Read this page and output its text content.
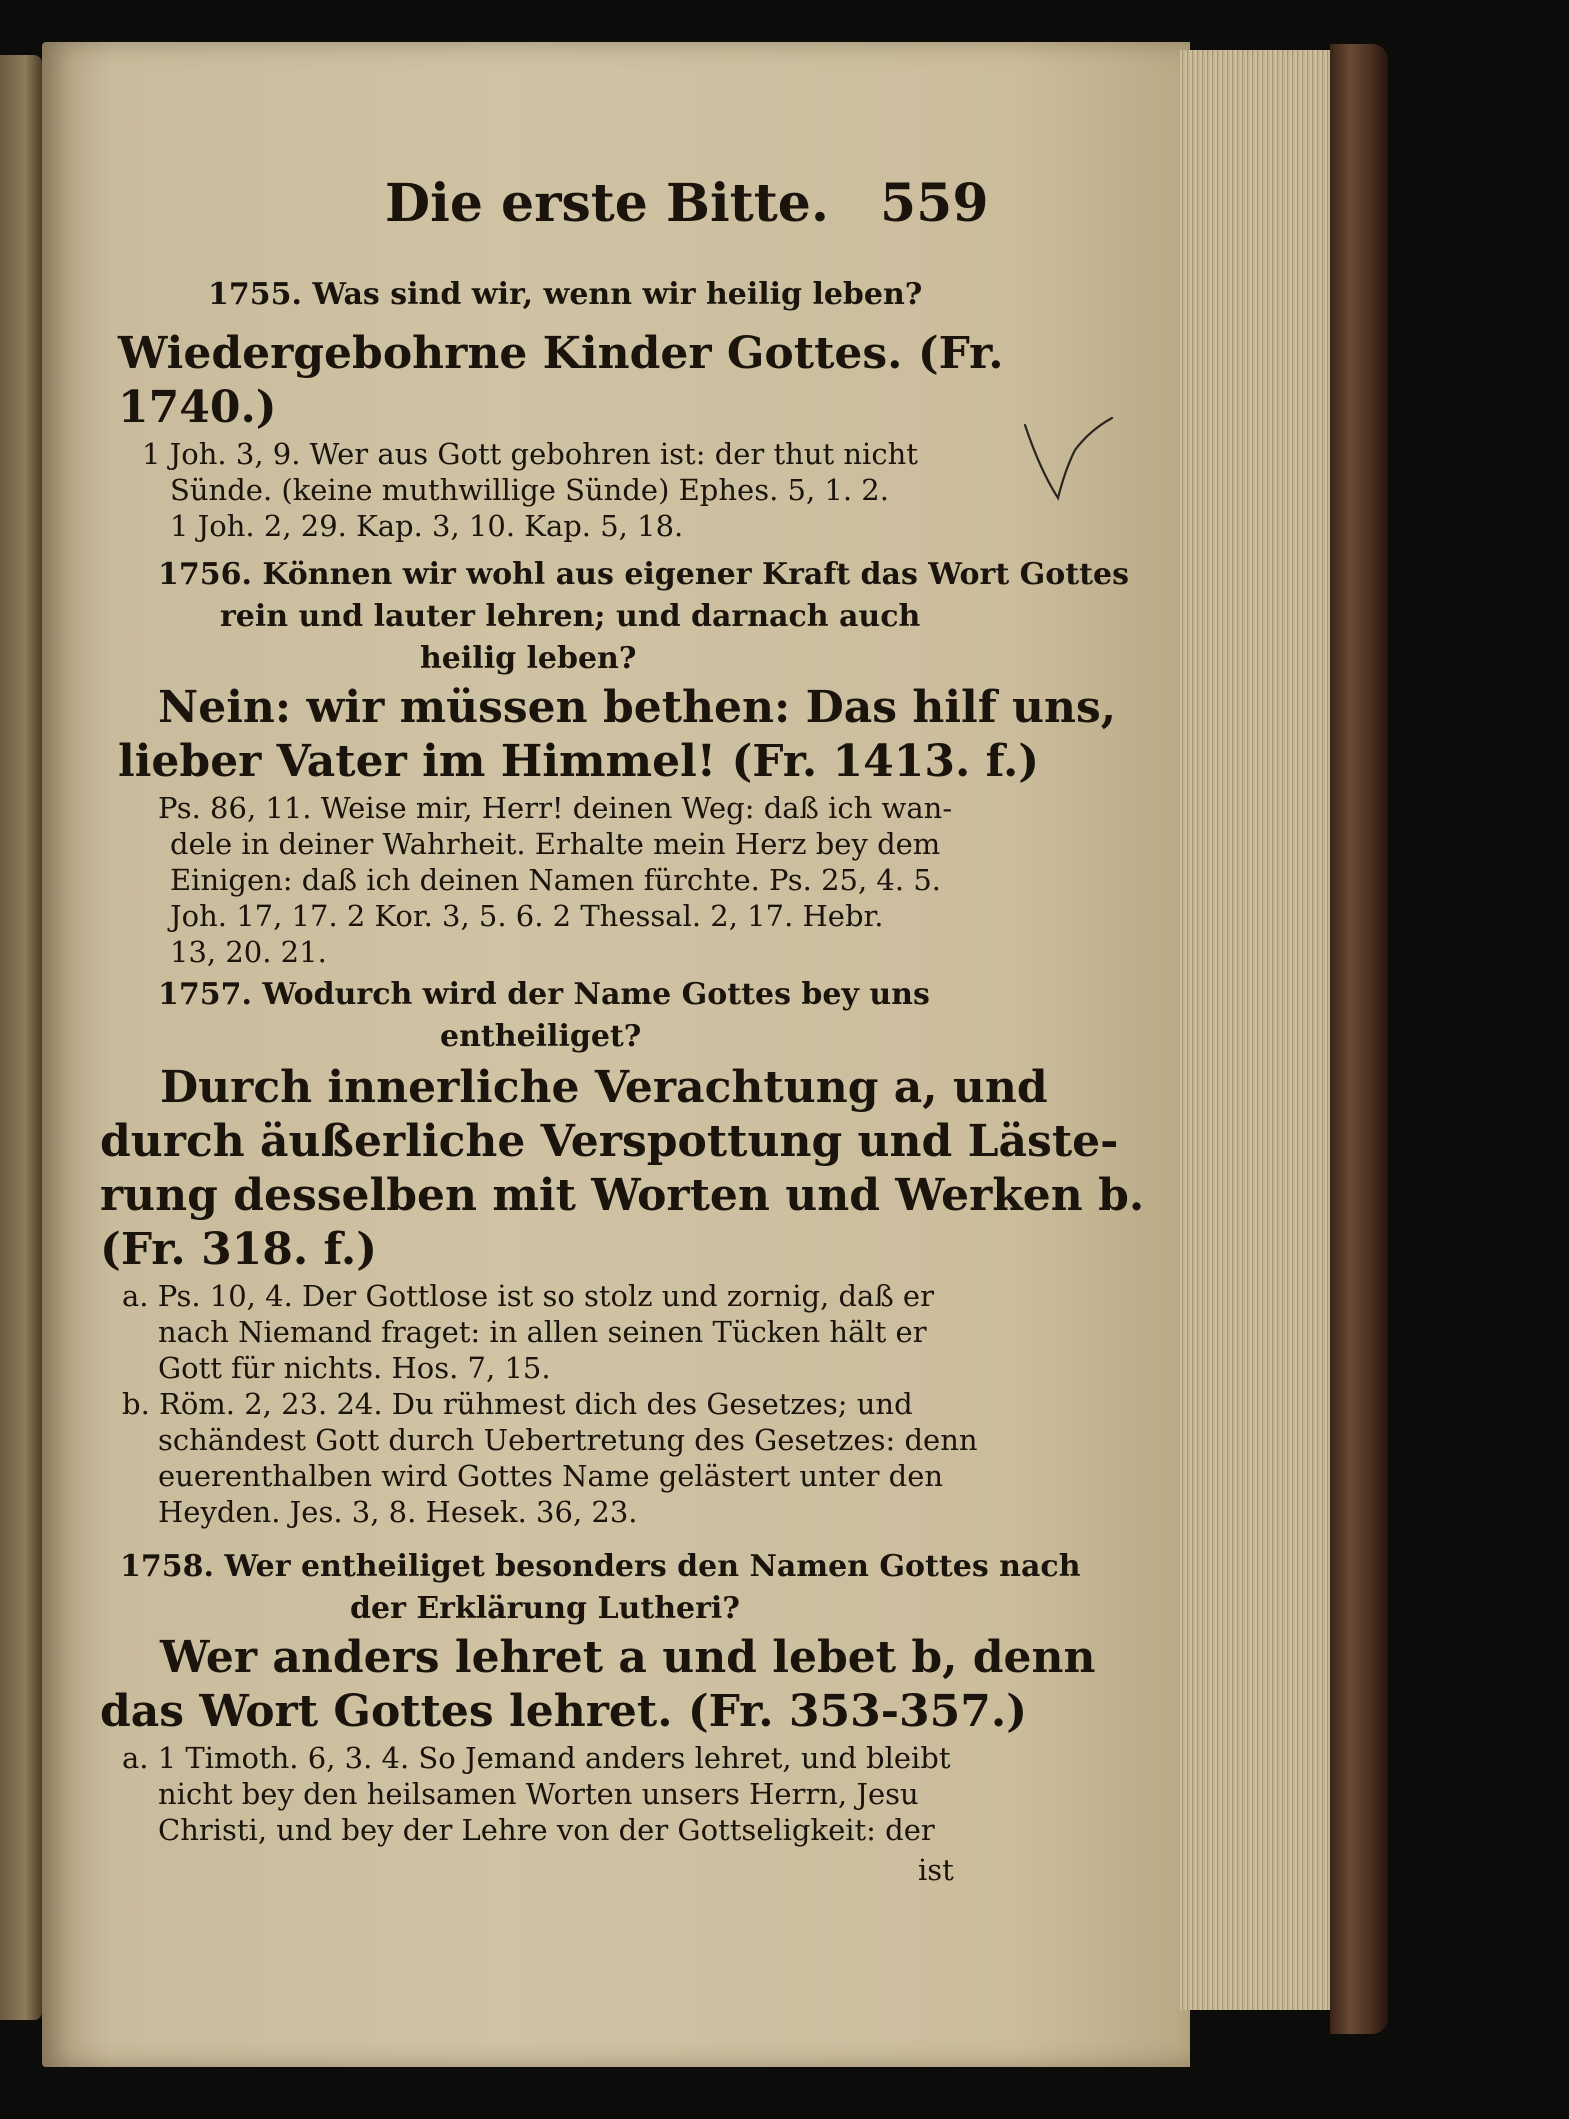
Die erste Bitte. 559
1755. Was sind wir, wenn wir heilig leben?
Wiedergebohrne Kinder Gottes. (Fr.
1740.)
1 Joh. 3, 9. Wer aus Gott gebohren ist: der thut nicht
Sünde. (keine muthwillige Sünde) Ephes. 5, 1. 2.
1 Joh. 2, 29. Kap. 3, 10. Kap. 5, 18.
1756. Können wir wohl aus eigener Kraft das Wort Gottes
rein und lauter lehren; und darnach auch
heilig leben?
Nein: wir müssen bethen: Das hilf uns,
lieber Vater im Himmel! (Fr. 1413. f.)
Ps. 86, 11. Weise mir, Herr! deinen Weg: daß ich wan-
dele in deiner Wahrheit. Erhalte mein Herz bey dem
Einigen: daß ich deinen Namen fürchte. Ps. 25, 4. 5.
Joh. 17, 17. 2 Kor. 3, 5. 6. 2 Thessal. 2, 17. Hebr.
13, 20. 21.
1757. Wodurch wird der Name Gottes bey uns
entheiliget?
Durch innerliche Verachtung a, und
durch äußerliche Verspottung und Läste-
rung desselben mit Worten und Werken b.
(Fr. 318. f.)
a. Ps. 10, 4. Der Gottlose ist so stolz und zornig, daß er
nach Niemand fraget: in allen seinen Tücken hält er
Gott für nichts. Hos. 7, 15.
b. Röm. 2, 23. 24. Du rühmest dich des Gesetzes; und
schändest Gott durch Uebertretung des Gesetzes: denn
euerenthalben wird Gottes Name gelästert unter den
Heyden. Jes. 3, 8. Hesek. 36, 23.
1758. Wer entheiliget besonders den Namen Gottes nach
der Erklärung Lutheri?
Wer anders lehret a und lebet b, denn
das Wort Gottes lehret. (Fr. 353-357.)
a. 1 Timoth. 6, 3. 4. So Jemand anders lehret, und bleibt
nicht bey den heilsamen Worten unsers Herrn, Jesu
Christi, und bey der Lehre von der Gottseligkeit: der
ist
